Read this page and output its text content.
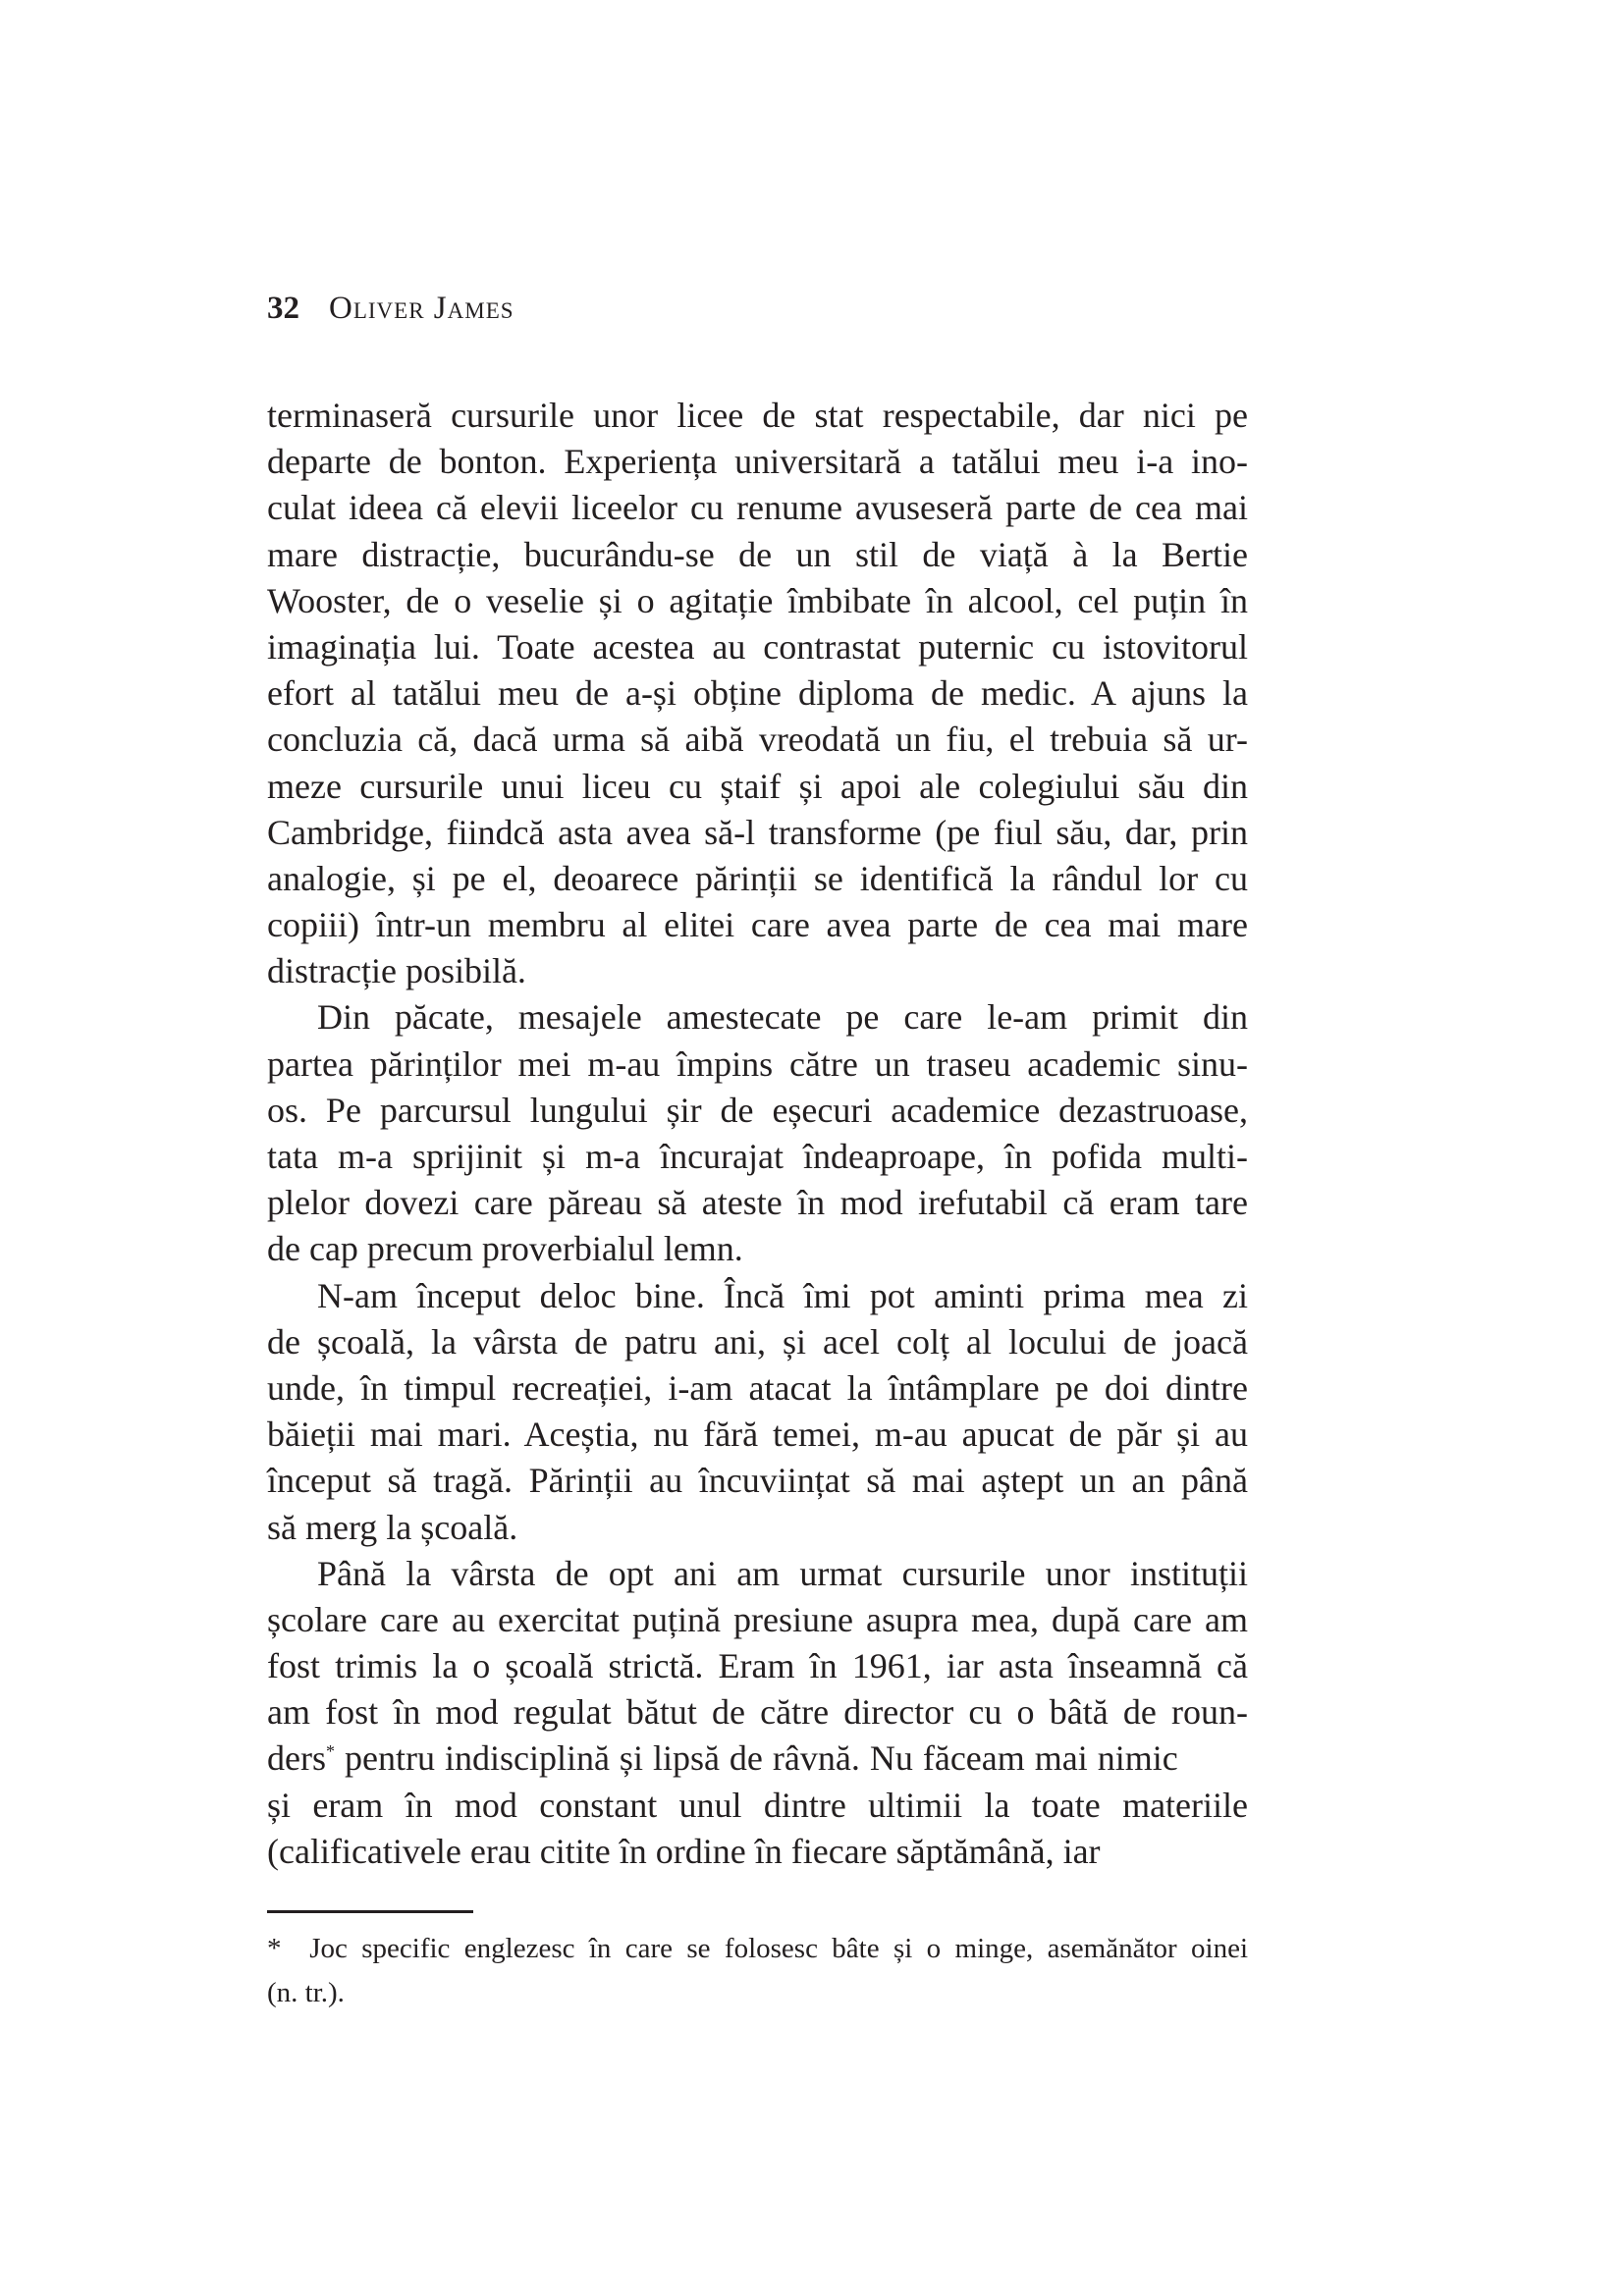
32 Oliver James
terminaseră cursurile unor licee de stat respectabile, dar nici pe
departe de bonton. Experiența universitară a tatălui meu i-a ino-
culat ideea că elevii liceelor cu renume avuseseră parte de cea mai
mare distracție, bucurându-se de un stil de viață à la Bertie
Wooster, de o veselie și o agitație îmbibate în alcool, cel puțin în
imaginația lui. Toate acestea au contrastat puternic cu istovitorul
efort al tatălui meu de a-și obține diploma de medic. A ajuns la
concluzia că, dacă urma să aibă vreodată un fiu, el trebuia să ur-
meze cursurile unui liceu cu ștaif și apoi ale colegiului său din
Cambridge, fiindcă asta avea să-l transforme (pe fiul său, dar, prin
analogie, și pe el, deoarece părinții se identifică la rândul lor cu
copiii) într-un membru al elitei care avea parte de cea mai mare
distracție posibilă.
Din păcate, mesajele amestecate pe care le-am primit din
partea părinților mei m-au împins către un traseu academic sinu-
os. Pe parcursul lungului șir de eșecuri academice dezastruoase,
tata m-a sprijinit și m-a încurajat îndeaproape, în pofida multi-
plelor dovezi care păreau să ateste în mod irefutabil că eram tare
de cap precum proverbialul lemn.
N-am început deloc bine. Încă îmi pot aminti prima mea zi
de școală, la vârsta de patru ani, și acel colț al locului de joacă
unde, în timpul recreației, i-am atacat la întâmplare pe doi dintre
băieții mai mari. Aceștia, nu fără temei, m-au apucat de păr și au
început să tragă. Părinții au încuviințat să mai aștept un an până
să merg la școală.
Până la vârsta de opt ani am urmat cursurile unor instituții
școlare care au exercitat puțină presiune asupra mea, după care am
fost trimis la o școală strictă. Eram în 1961, iar asta înseamnă că
am fost în mod regulat bătut de către director cu o bâtă de roun-
ders* pentru indisciplină și lipsă de râvnă. Nu făceam mai nimic
și eram în mod constant unul dintre ultimii la toate materiile
(calificativele erau citite în ordine în fiecare săptămână, iar
* Joc specific englezesc în care se folosesc bâte și o minge, asemănător oinei
(n. tr.).
